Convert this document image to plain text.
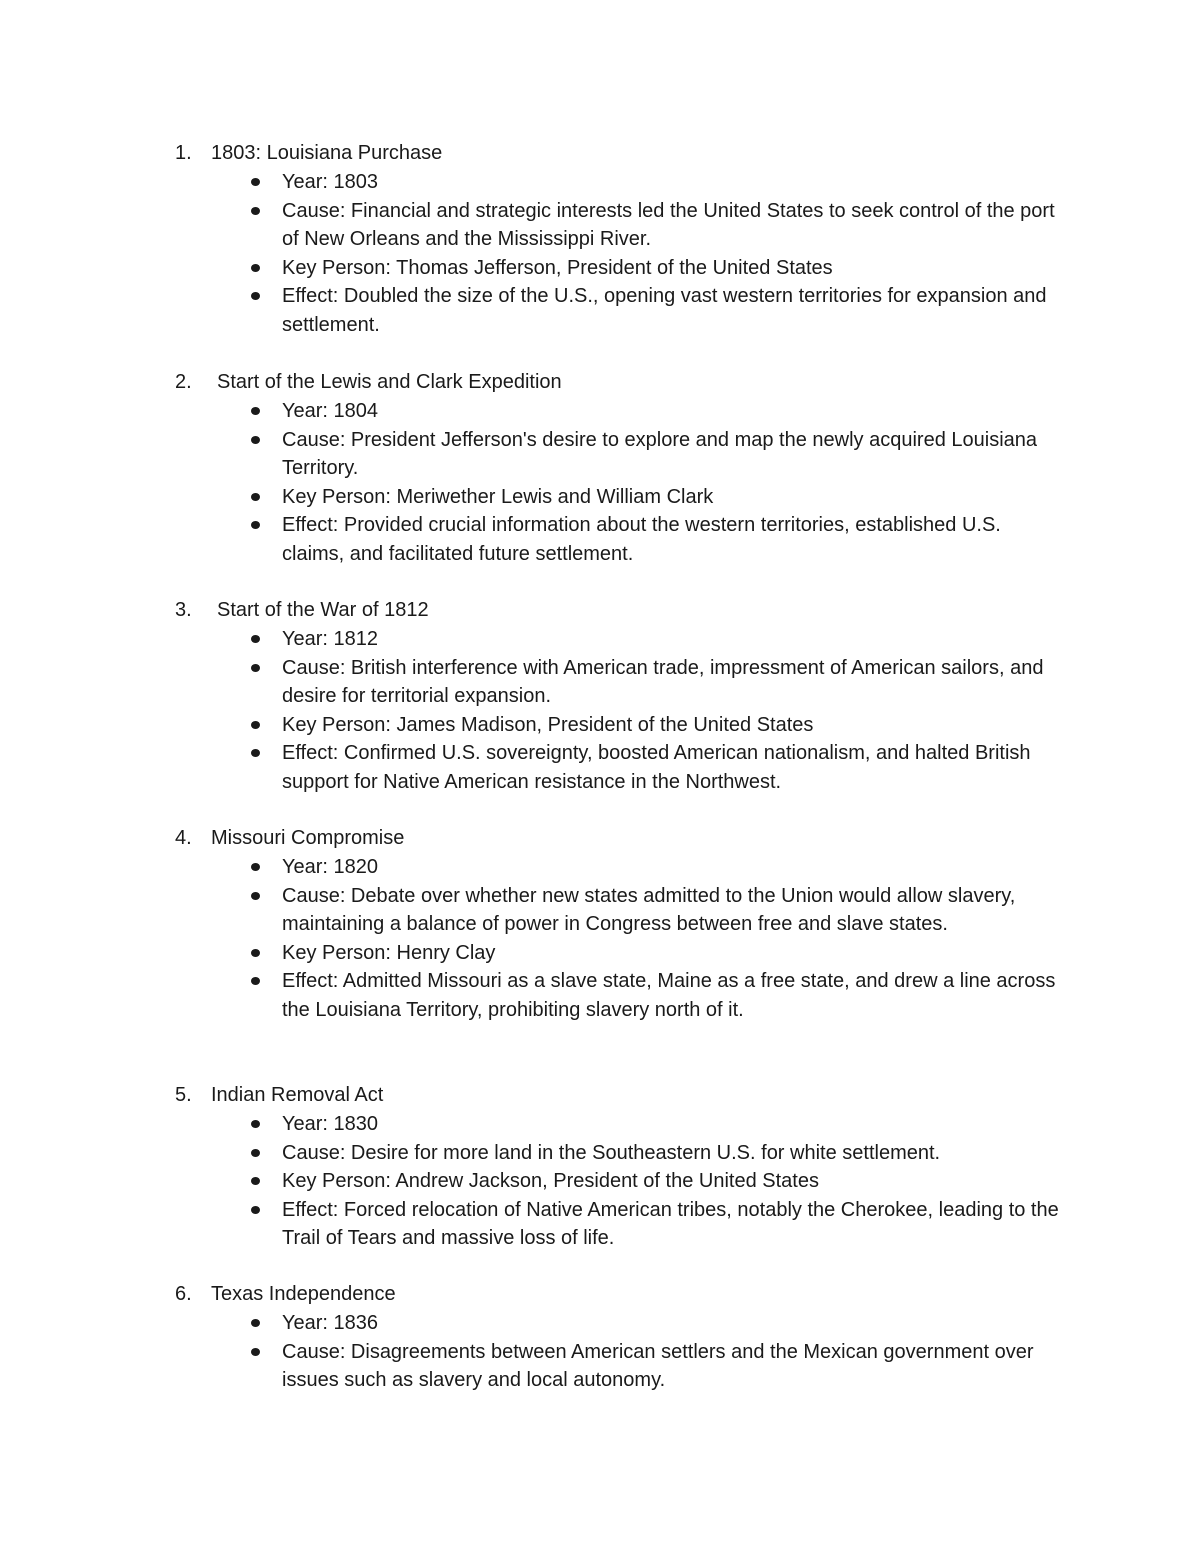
1. 1803: Louisiana Purchase
Year: 1803
Cause: Financial and strategic interests led the United States to seek control of the port of New Orleans and the Mississippi River.
Key Person: Thomas Jefferson, President of the United States
Effect: Doubled the size of the U.S., opening vast western territories for expansion and settlement.
2. Start of the Lewis and Clark Expedition
Year: 1804
Cause: President Jefferson's desire to explore and map the newly acquired Louisiana Territory.
Key Person: Meriwether Lewis and William Clark
Effect: Provided crucial information about the western territories, established U.S. claims, and facilitated future settlement.
3. Start of the War of 1812
Year: 1812
Cause: British interference with American trade, impressment of American sailors, and desire for territorial expansion.
Key Person: James Madison, President of the United States
Effect: Confirmed U.S. sovereignty, boosted American nationalism, and halted British support for Native American resistance in the Northwest.
4. Missouri Compromise
Year: 1820
Cause: Debate over whether new states admitted to the Union would allow slavery, maintaining a balance of power in Congress between free and slave states.
Key Person: Henry Clay
Effect: Admitted Missouri as a slave state, Maine as a free state, and drew a line across the Louisiana Territory, prohibiting slavery north of it.
5. Indian Removal Act
Year: 1830
Cause: Desire for more land in the Southeastern U.S. for white settlement.
Key Person: Andrew Jackson, President of the United States
Effect: Forced relocation of Native American tribes, notably the Cherokee, leading to the Trail of Tears and massive loss of life.
6. Texas Independence
Year: 1836
Cause: Disagreements between American settlers and the Mexican government over issues such as slavery and local autonomy.
